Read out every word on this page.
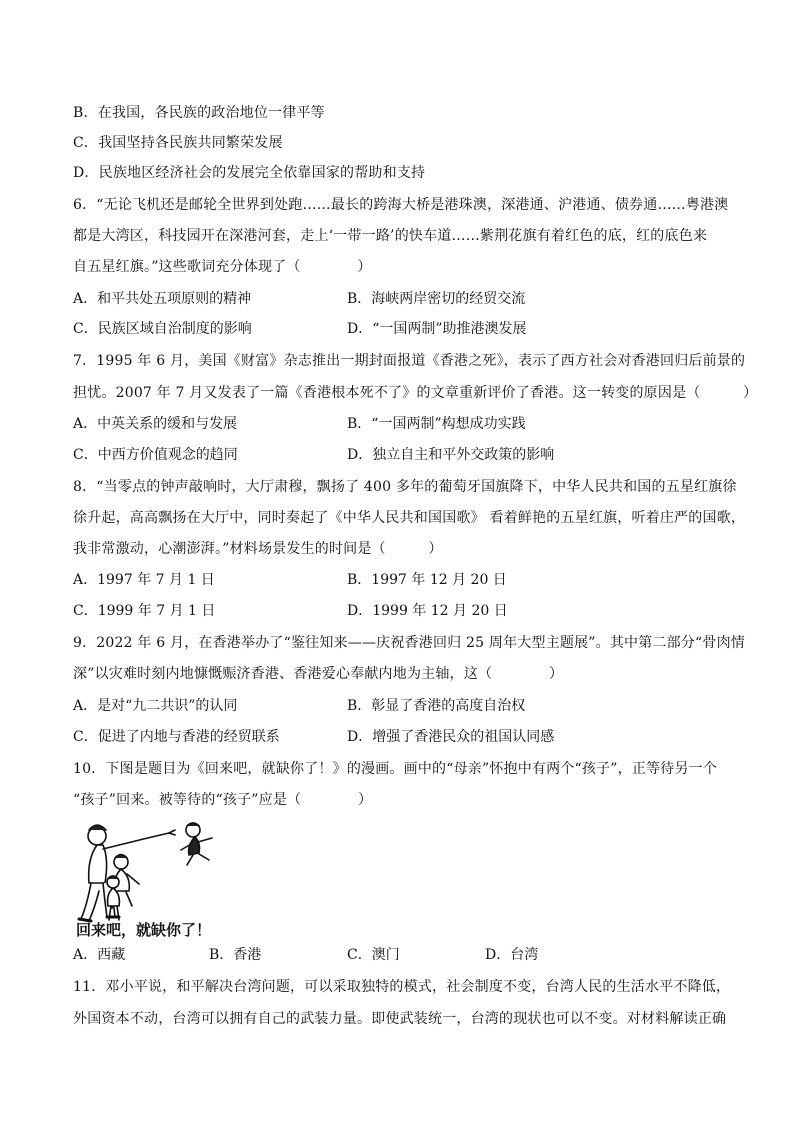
B．在我国，各民族的政治地位一律平等
C．我国坚持各民族共同繁荣发展
D．民族地区经济社会的发展完全依靠国家的帮助和支持
6．“无论飞机还是邮轮全世界到处跑……最长的跨海大桥是港珠澳，深港通、沪港通、债券通……粤港澳
都是大湾区，科技园开在深港河套，走上‘一带一路’的快车道……紫荆花旗有着红色的底，红的底色来
自五星红旗。”这些歌词充分体现了（　　　　）
A．和平共处五项原则的精神	B．海峡两岸密切的经贸交流
C．民族区域自治制度的影响	D．“一国两制”助推港澳发展
7．1995 年 6 月，美国《财富》杂志推出一期封面报道《香港之死》，表示了西方社会对香港回归后前景的
担忧。2007 年 7 月又发表了一篇《香港根本死不了》的文章重新评价了香港。这一转变的原因是（　　　）
A．中英关系的缓和与发展	B．“一国两制”构想成功实践
C．中西方价值观念的趋同	D．独立自主和平外交政策的影响
8．“当零点的钟声敲响时，大厅肃穆，飘扬了 400 多年的葡萄牙国旗降下，中华人民共和国的五星红旗徐
徐升起，高高飘扬在大厅中，同时奏起了《中华人民共和国国歌》 看着鲜艳的五星红旗，听着庄严的国歌，
我非常激动，心潮澎湃。”材料场景发生的时间是（　　　）
A．1997 年 7 月 1 日	B．1997 年 12 月 20 日
C．1999 年 7 月 1 日	D．1999 年 12 月 20 日
9．2022 年 6 月，在香港举办了“鉴往知来——庆祝香港回归 25 周年大型主题展”。其中第二部分“骨肉情
深”以灾难时刻内地慷慨赈济香港、香港爱心奉献内地为主轴，这（　　　　）
A．是对“九二共识”的认同	B．彰显了香港的高度自治权
C．促进了内地与香港的经贸联系	D．增强了香港民众的祖国认同感
10．下图是题目为《回来吧，就缺你了！》的漫画。画中的“母亲”怀抱中有两个“孩子”，正等待另一个
“孩子”回来。被等待的“孩子”应是（　　　　）
回来吧，就缺你了！
A．西藏	B．香港	C．澳门	D．台湾
11．邓小平说，和平解决台湾问题，可以采取独特的模式，社会制度不变，台湾人民的生活水平不降低，
外国资本不动，台湾可以拥有自己的武装力量。即使武装统一，台湾的现状也可以不变。对材料解读正确
